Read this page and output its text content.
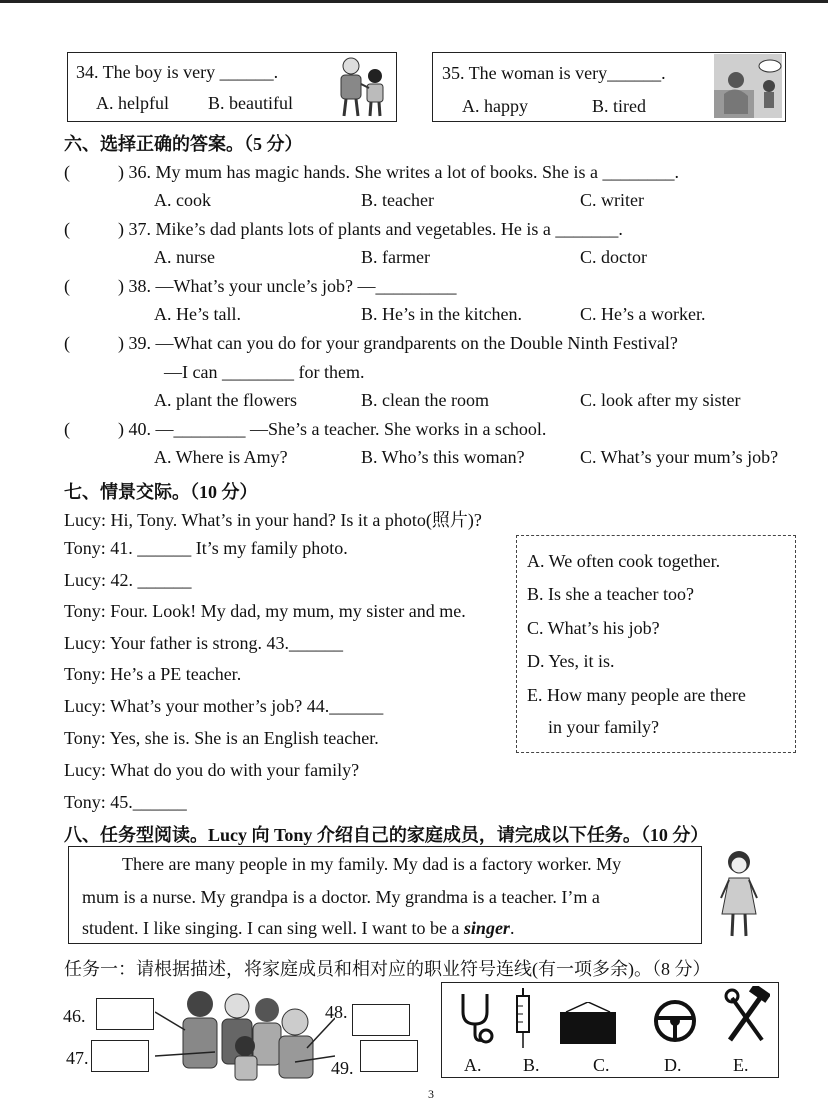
34. The boy is very ______.
A. helpful B. beautiful
35. The woman is very______.
A. happy	B. tired
六、选择正确的答案。（5 分）
(	) 36. My mum has magic hands. She writes a lot of books. She is a ________.
A. cook	B. teacher	C. writer
(	) 37. Mike’s dad plants lots of plants and vegetables. He is a _______.
A. nurse	B. farmer	C. doctor
(	) 38. —What’s your uncle’s job? —_________
A. He’s tall.	B. He’s in the kitchen.	C. He’s a worker.
(	) 39. —What can you do for your grandparents on the Double Ninth Festival?
—I can ________ for them.
A. plant the flowers	B. clean the room	C. look after my sister
(	) 40. —________ —She’s a teacher. She works in a school.
A. Where is Amy?	B. Who’s this woman?	C. What’s your mum’s job?
七、情景交际。（10 分）
Lucy: Hi, Tony. What’s in your hand? Is it a photo(照片)?
Tony: 41. ______ It’s my family photo.
Lucy: 42. ______
Tony: Four. Look! My dad, my mum, my sister and me.
Lucy: Your father is strong. 43.______
Tony: He’s a PE teacher.
Lucy: What’s your mother’s job? 44.______
Tony: Yes, she is. She is an English teacher.
Lucy: What do you do with your family?
Tony: 45.______
A. We often cook together.
B. Is she a teacher too?
C. What’s his job?
D. Yes, it is.
E. How many people are there
in your family?
八、任务型阅读。Lucy 向 Tony 介绍自己的家庭成员，请完成以下任务。（10 分）
There are many people in my family. My dad is a factory worker. My
mum is a nurse. My grandpa is a doctor. My grandma is a teacher. I’m a
student. I like singing. I can sing well. I want to be a singer.
任务一：请根据描述，将家庭成员和相对应的职业符号连线(有一项多余)。（8 分）
46.
47.
48.
49.	A. B.	C.	D.	E.
3
